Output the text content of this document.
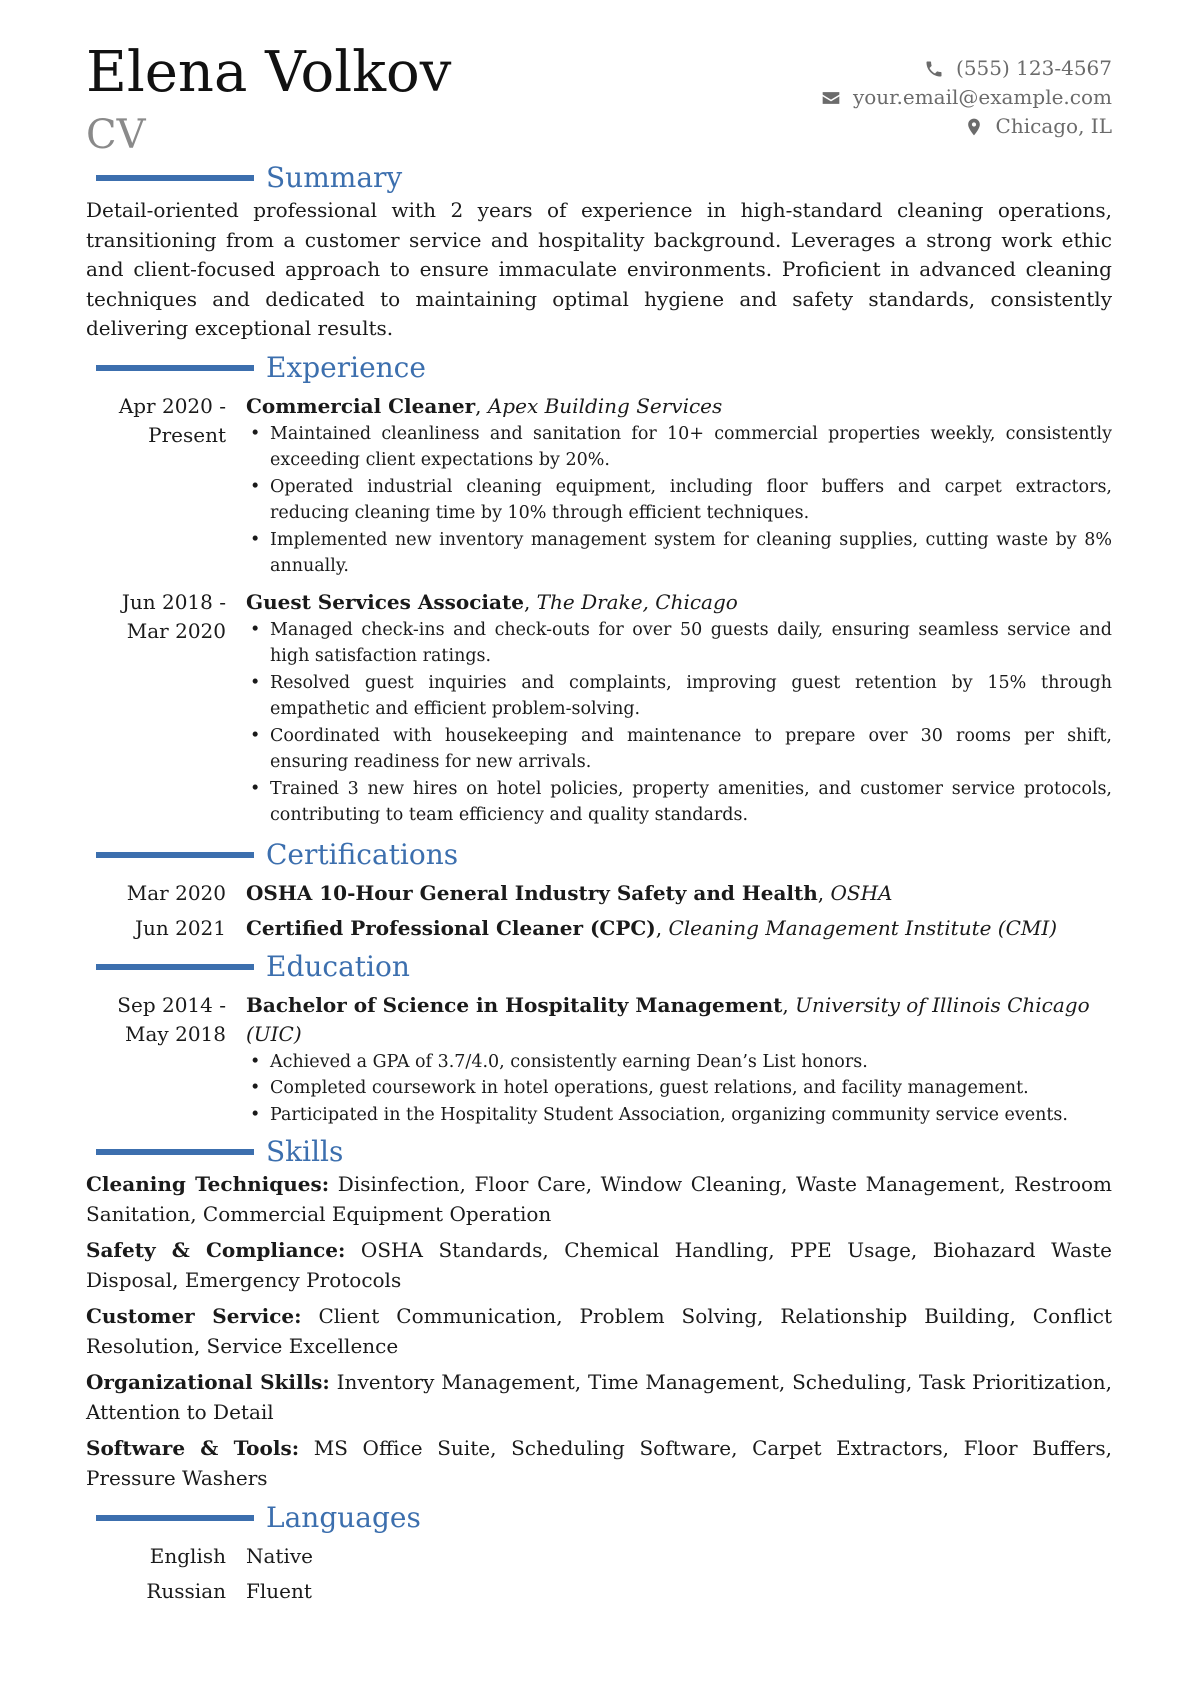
Elena Volkov
CV
(555) 123-4567
your.email@example.com
Chicago, IL
Summary

Detail-oriented professional with 2 years of experience in high-standard cleaning operations, transitioning from a customer service and hospitality background. Leverages a strong work ethic and client-focused approach to ensure immaculate environments. Proficient in advanced cleaning techniques and dedicated to maintaining optimal hygiene and safety standards, consistently delivering exceptional results.

Experience
Apr 2020 - Present
Commercial Cleaner, Apex Building Services
• Maintained cleanliness and sanitation for 10+ commercial properties weekly, consistently exceeding client expectations by 20%.
• Operated industrial cleaning equipment, including floor buffers and carpet extractors, reducing cleaning time by 10% through efficient techniques.
• Implemented new inventory management system for cleaning supplies, cutting waste by 8% annually.
Jun 2018 - Mar 2020
Guest Services Associate, The Drake, Chicago
• Managed check-ins and check-outs for over 50 guests daily, ensuring seamless service and high satisfaction ratings.
• Resolved guest inquiries and complaints, improving guest retention by 15% through empathetic and efficient problem-solving.
• Coordinated with housekeeping and maintenance to prepare over 30 rooms per shift, ensuring readiness for new arrivals.
• Trained 3 new hires on hotel policies, property amenities, and customer service protocols, contributing to team efficiency and quality standards.
Certifications
Mar 2020	OSHA 10-Hour General Industry Safety and Health, OSHA
Jun 2021	Certified Professional Cleaner (CPC), Cleaning Management Institute (CMI)
Education
Sep 2014 - May 2018
Bachelor of Science in Hospitality Management, University of Illinois Chicago (UIC)
• Achieved a GPA of 3.7/4.0, consistently earning Dean’s List honors.
• Completed coursework in hotel operations, guest relations, and facility management.
• Participated in the Hospitality Student Association, organizing community service events.
Skills
Cleaning Techniques: Disinfection, Floor Care, Window Cleaning, Waste Management, Restroom Sanitation, Commercial Equipment Operation
Safety & Compliance: OSHA Standards, Chemical Handling, PPE Usage, Biohazard Waste Disposal, Emergency Protocols
Customer Service: Client Communication, Problem Solving, Relationship Building, Conflict Resolution, Service Excellence
Organizational Skills: Inventory Management, Time Management, Scheduling, Task Prioritization, Attention to Detail
Software & Tools: MS Office Suite, Scheduling Software, Carpet Extractors, Floor Buffers, Pressure Washers
Languages
English	Native
Russian	Fluent
